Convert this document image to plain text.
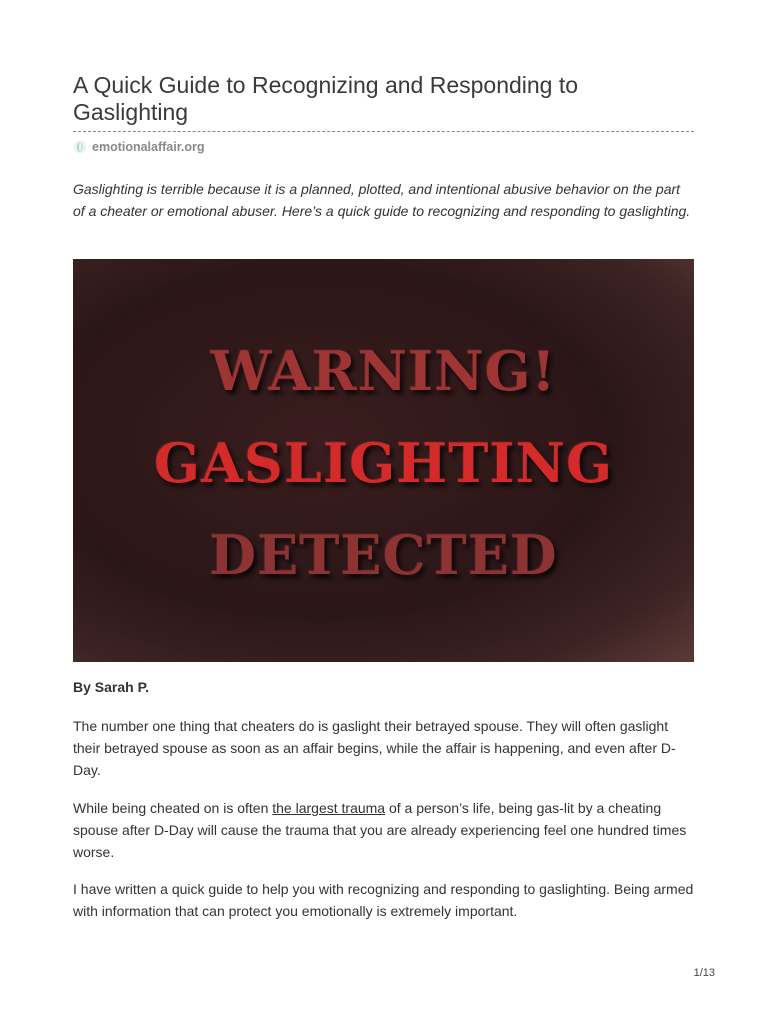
A Quick Guide to Recognizing and Responding to Gaslighting
emotionalaffair.org

Gaslighting is terrible because it is a planned, plotted, and intentional abusive behavior on the part of a cheater or emotional abuser. Here’s a quick guide to recognizing and responding to gaslighting.

WARNING!
GASLIGHTING
DETECTED

By Sarah P.

The number one thing that cheaters do is gaslight their betrayed spouse. They will often gaslight their betrayed spouse as soon as an affair begins, while the affair is happening, and even after D-Day.

While being cheated on is often the largest trauma of a person’s life, being gas-lit by a cheating spouse after D-Day will cause the trauma that you are already experiencing feel one hundred times worse.

I have written a quick guide to help you with recognizing and responding to gaslighting. Being armed with information that can protect you emotionally is extremely important.

1/13
